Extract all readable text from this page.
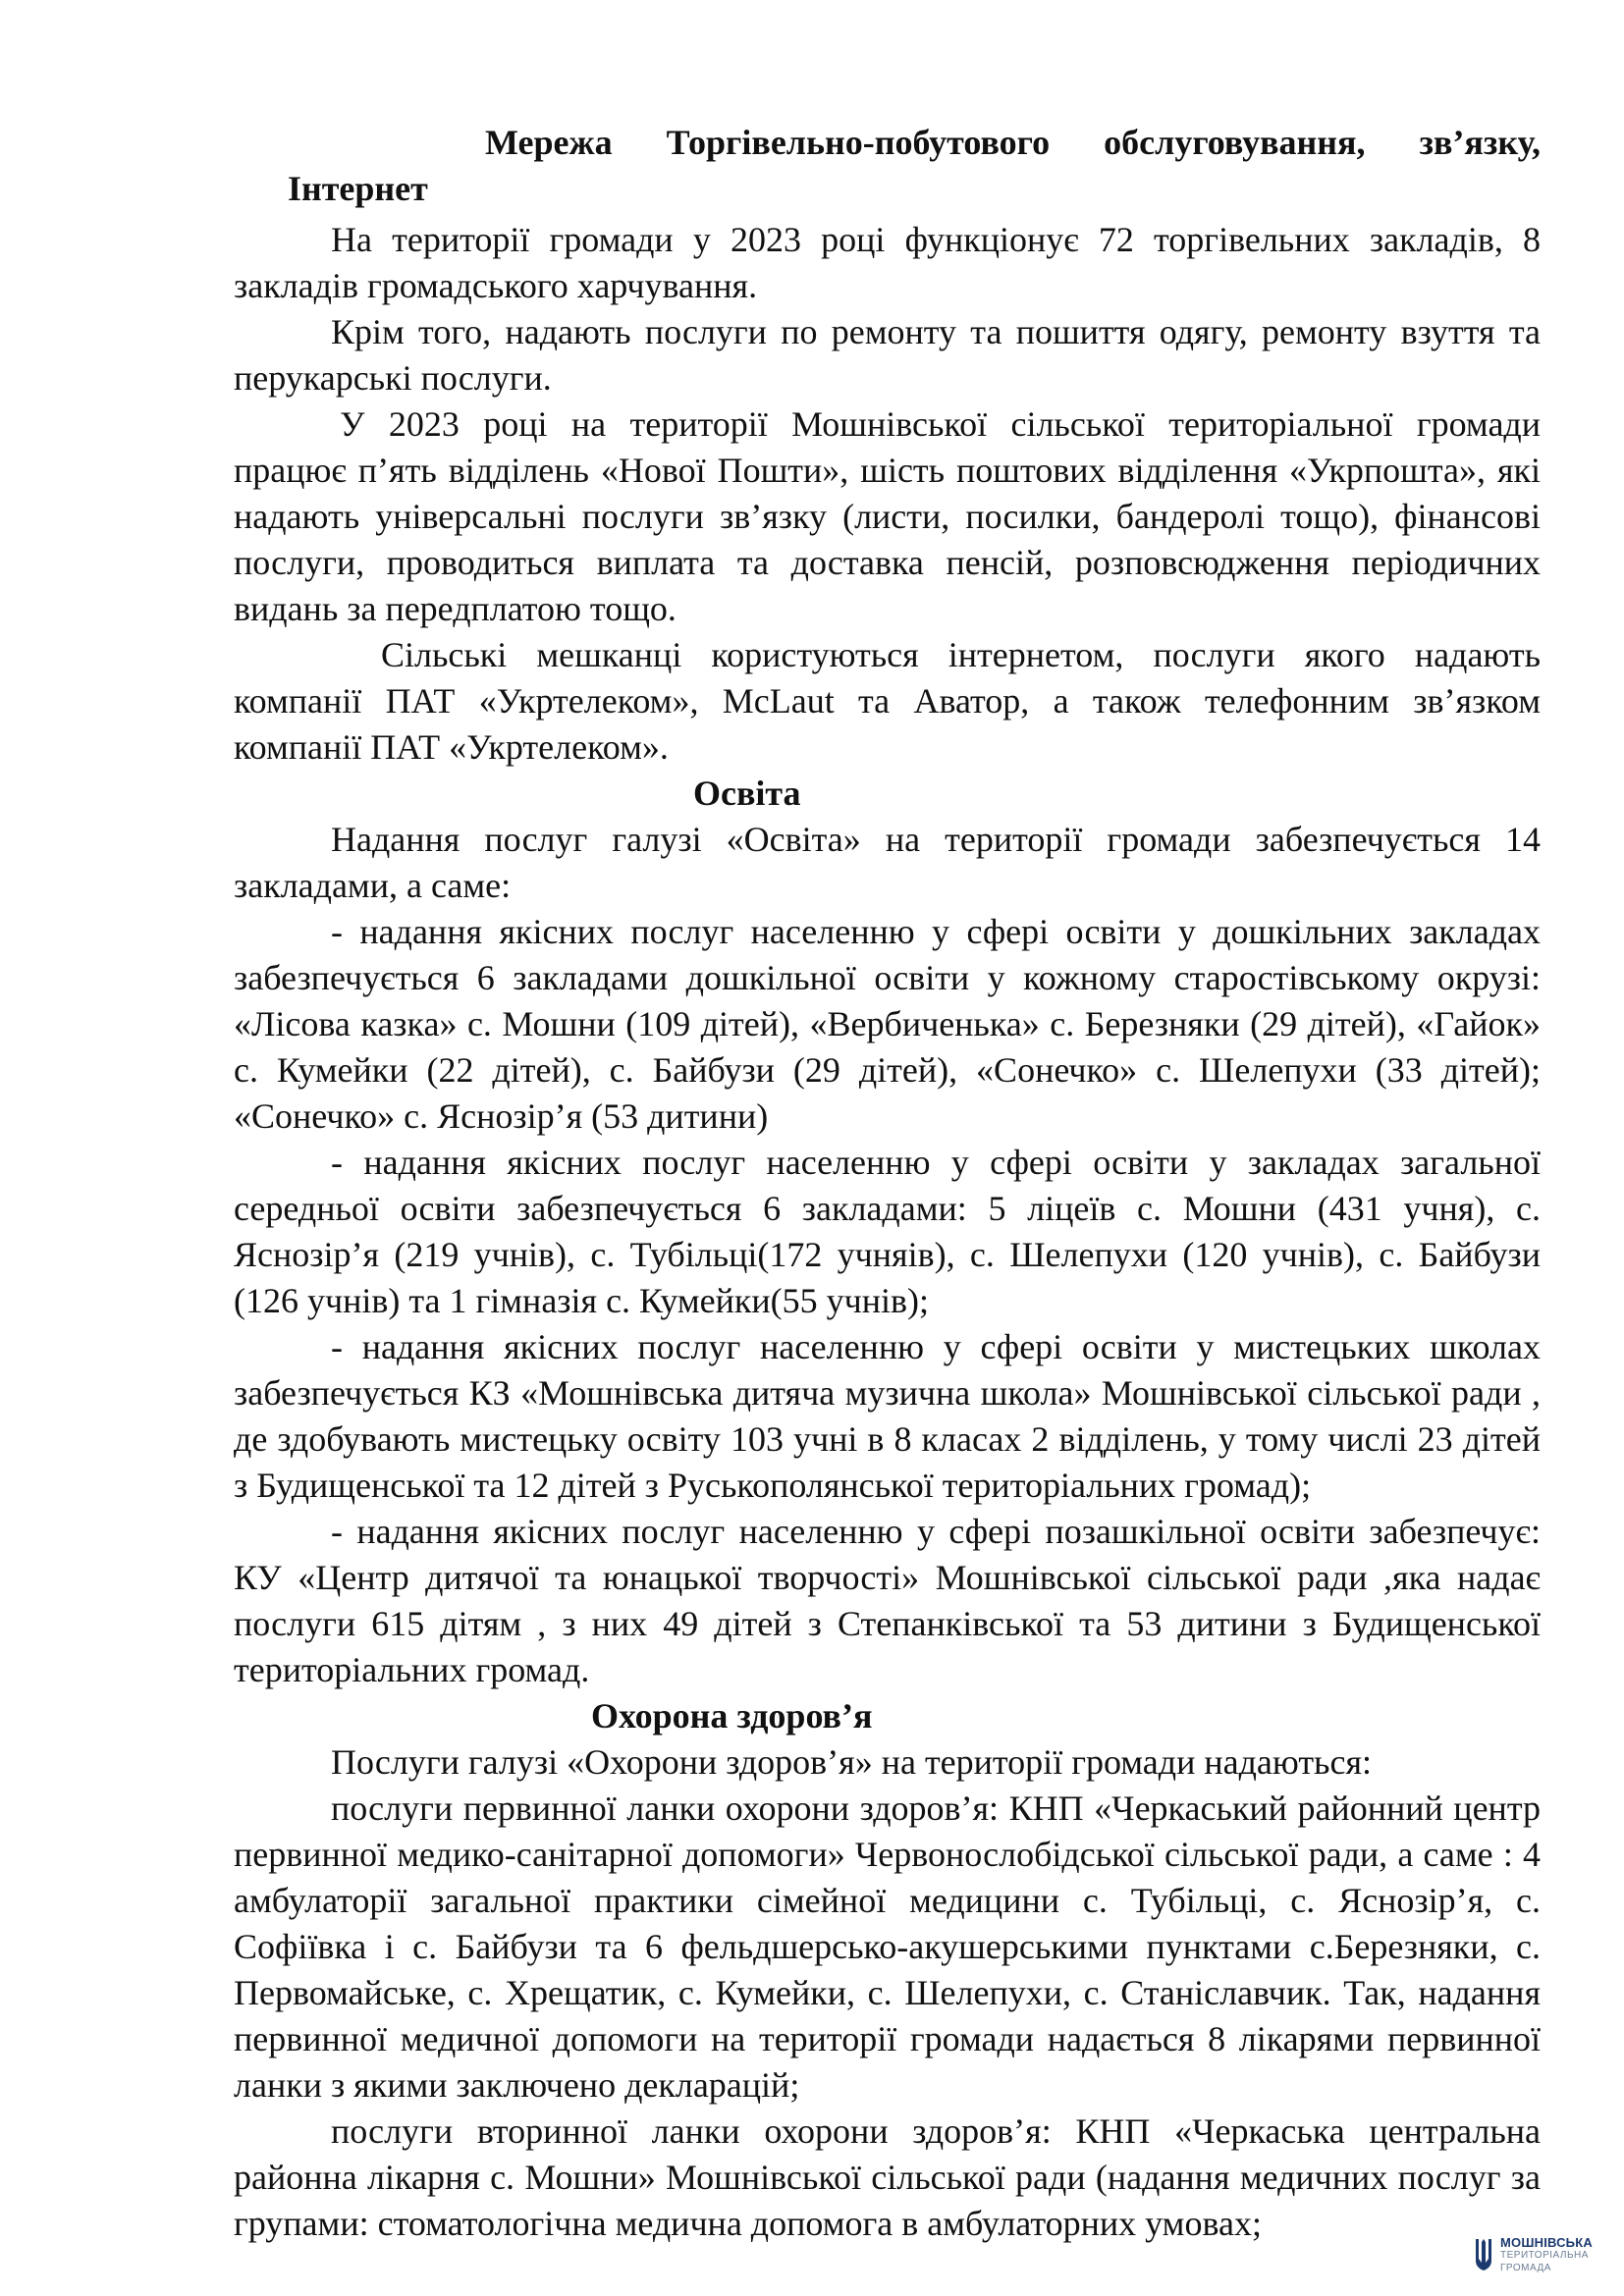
Мережа Торгівельно-побутового обслуговування, зв’язку,
Інтернет

На території громади у 2023 році функціонує 72 торгівельних закладів, 8 закладів громадського харчування.

Крім того, надають послуги по ремонту та пошиття одягу, ремонту взуття та перукарські послуги.

У 2023 році на території Мошнівської сільської територіальної громади працює п’ять відділень «Нової Пошти», шість поштових відділення «Укрпошта», які надають універсальні послуги зв’язку (листи, посилки, бандеролі тощо), фінансові послуги, проводиться виплата та доставка пенсій, розповсюдження періодичних видань за передплатою тощо.

Сільські мешканці користуються інтернетом, послуги якого надають компанії ПАТ «Укртелеком», McLaut та Аватор, а також телефонним зв’язком компанії ПАТ «Укртелеком».

Освіта

Надання послуг галузі «Освіта» на території громади забезпечується 14 закладами, а саме:

- надання якісних послуг населенню у сфері освіти у дошкільних закладах забезпечується 6 закладами дошкільної освіти у кожному старостівському окрузі: «Лісова казка» с. Мошни (109 дітей), «Вербиченька» с. Березняки (29 дітей), «Гайок» с. Кумейки (22 дітей), с. Байбузи (29 дітей), «Сонечко» с. Шелепухи (33 дітей); «Сонечко» с. Яснозір’я (53 дитини)

- надання якісних послуг населенню у сфері освіти у закладах загальної середньої освіти забезпечується 6 закладами: 5 ліцеїв с. Мошни (431 учня), с. Яснозір’я (219 учнів), с. Тубільці(172 учняів), с. Шелепухи (120 учнів), с. Байбузи (126 учнів) та 1 гімназія с. Кумейки(55 учнів);

- надання якісних послуг населенню у сфері освіти у мистецьких школах забезпечується КЗ «Мошнівська дитяча музична школа» Мошнівської сільської ради , де здобувають мистецьку освіту 103 учні в 8 класах 2 відділень, у тому числі 23 дітей з Будищенської та 12 дітей з Руськополянської територіальних громад);

- надання якісних послуг населенню у сфері позашкільної освіти забезпечує: КУ «Центр дитячої та юнацької творчості» Мошнівської сільської ради ,яка надає послуги 615 дітям , з них 49 дітей з Степанківської та 53 дитини з Будищенської територіальних громад.

Охорона здоров’я

Послуги галузі «Охорони здоров’я» на території громади надаються:

послуги первинної ланки охорони здоров’я: КНП «Черкаський районний центр первинної медико-санітарної допомоги» Червонослобідської сільської ради, а саме : 4 амбулаторії загальної практики сімейної медицини с. Тубільці, с. Яснозір’я, с. Софіївка і с. Байбузи та 6 фельдшерсько-акушерськими пунктами с.Березняки, с. Первомайське, с. Хрещатик, с. Кумейки, с. Шелепухи, с. Станіславчик. Так, надання первинної медичної допомоги на території громади надається 8 лікарями первинної ланки з якими заключено декларацій;

послуги вторинної ланки охорони здоров’я: КНП «Черкаська центральна районна лікарня с. Мошни» Мошнівської сільської ради (надання медичних послуг за групами: стоматологічна медична допомога в амбулаторних умовах;	МОШНІВСЬКА
ТЕРИТОРІАЛЬНА
ГРОМАДА
